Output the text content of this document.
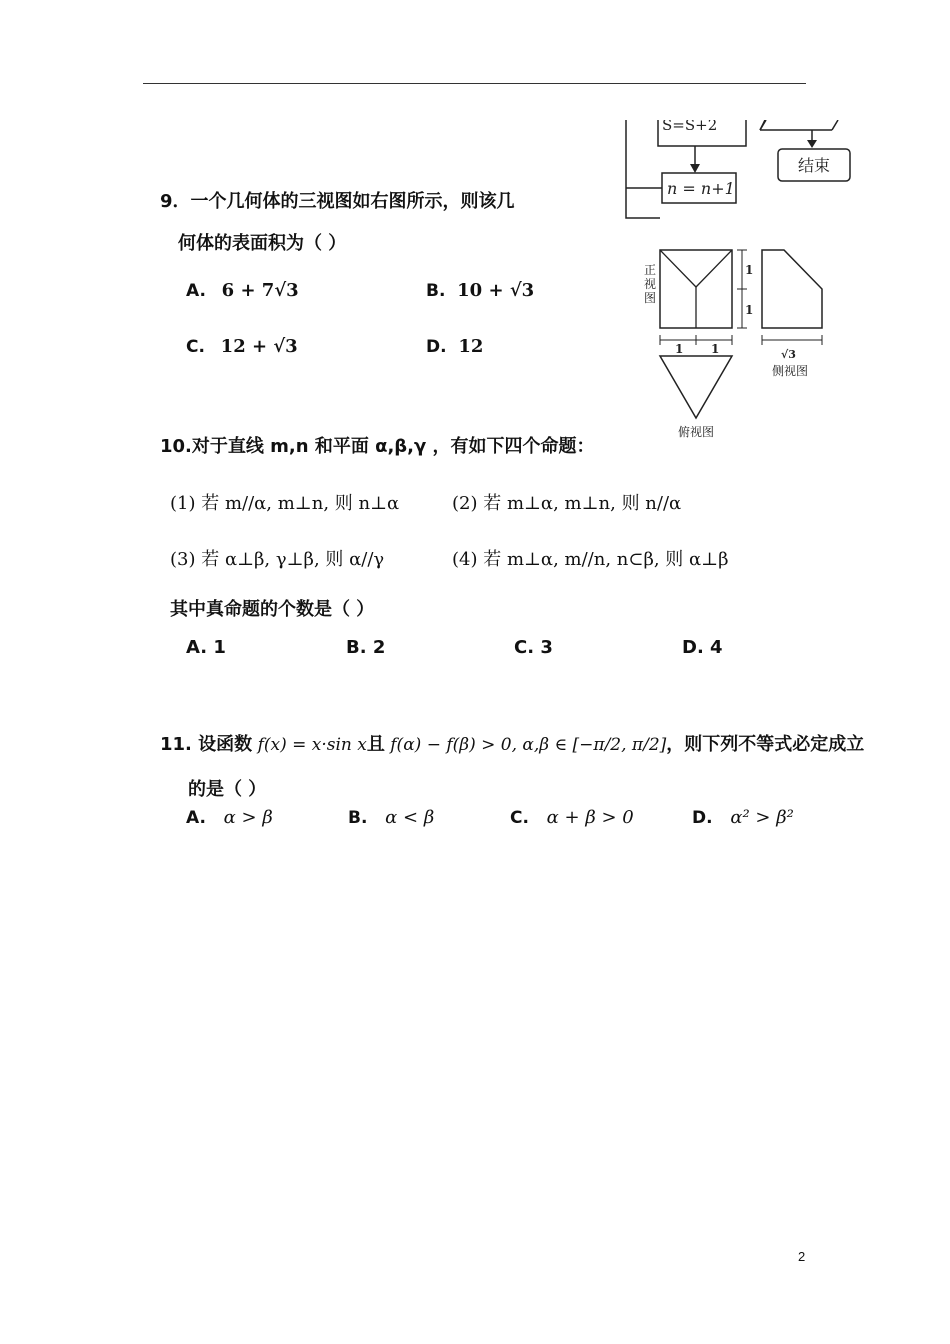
S=S+2
n = n+1
结束
9．一个几何体的三视图如右图所示，则该几
何体的表面积为（ ）
A. 6 + 7√3	B. 10 + √3
C. 12 + √3	D. 12
正视图
1
1
1 1	√3
侧视图
俯视图
10.对于直线 m,n 和平面 α,β,γ ，有如下四个命题：
(1) 若 m//α, m⊥n, 则 n⊥α	(2) 若 m⊥α, m⊥n, 则 n//α
(3) 若 α⊥β, γ⊥β, 则 α//γ	(4) 若 m⊥α, m//n, n⊂β, 则 α⊥β
其中真命题的个数是（ ）
A. 1	B. 2	C. 3	D. 4
11. 设函数 f(x) = x·sin x且 f(α) − f(β) > 0, α,β ∈ [−π/2, π/2]，则下列不等式必定成立
的是（ ）
A. α > β	B. α < β	C. α + β > 0	D. α² > β²
2
